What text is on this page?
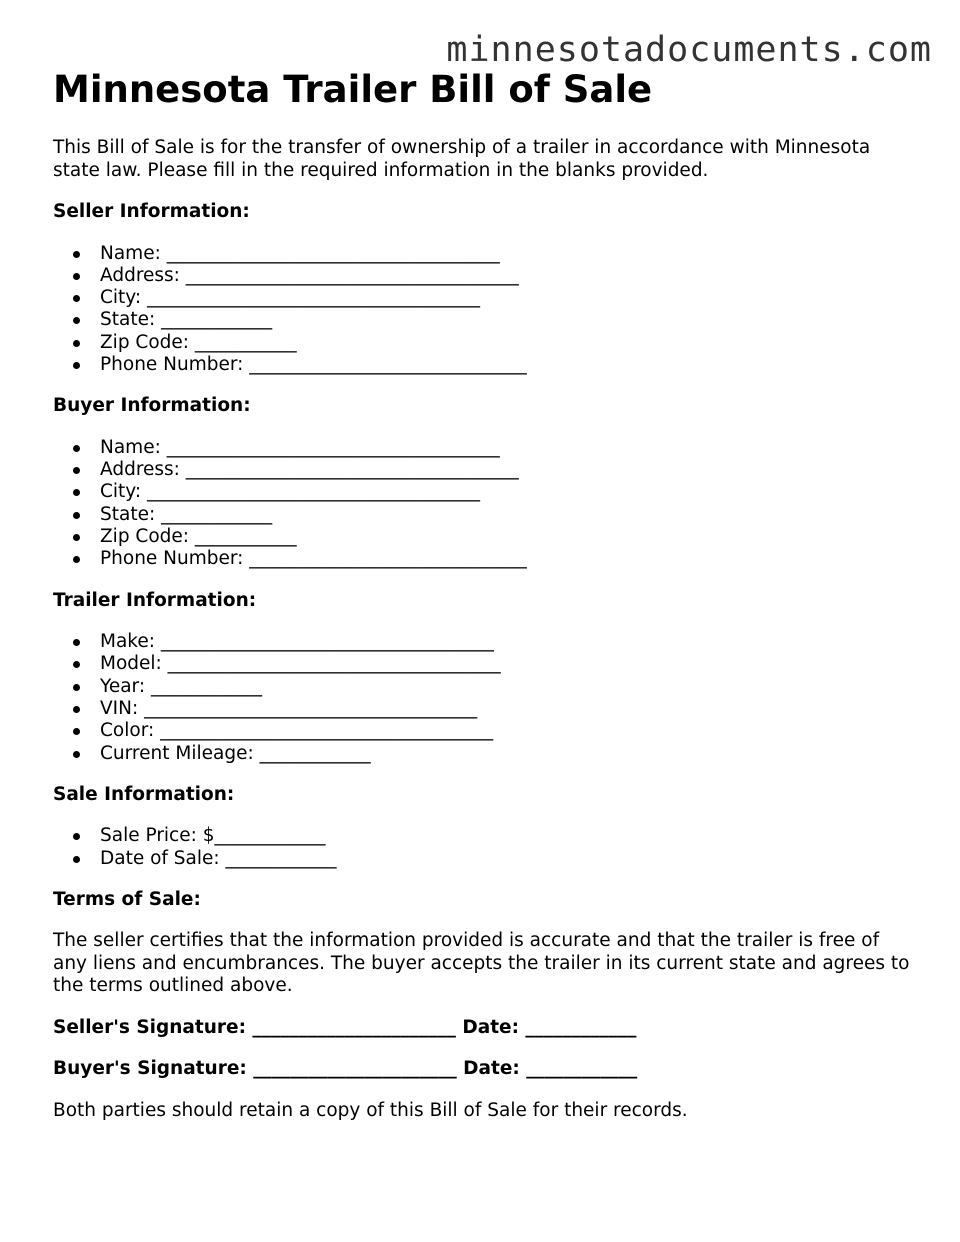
minnesotadocuments.com
Minnesota Trailer Bill of Sale

This Bill of Sale is for the transfer of ownership of a trailer in accordance with Minnesota state law. Please fill in the required information in the blanks provided.

Seller Information:
Name: ____________________________________
Address: ____________________________________
City: ____________________________________
State: ____________
Zip Code: ___________
Phone Number: ______________________________
Buyer Information:
Name: ____________________________________
Address: ____________________________________
City: ____________________________________
State: ____________
Zip Code: ___________
Phone Number: ______________________________
Trailer Information:
Make: ____________________________________
Model: ____________________________________
Year: ____________
VIN: ____________________________________
Color: ____________________________________
Current Mileage: ____________
Sale Information:
Sale Price: $____________
Date of Sale: ____________
Terms of Sale:

The seller certifies that the information provided is accurate and that the trailer is free of any liens and encumbrances. The buyer accepts the trailer in its current state and agrees to the terms outlined above.

Seller's Signature: ______________________ Date: ____________
Buyer's Signature: ______________________ Date: ____________

Both parties should retain a copy of this Bill of Sale for their records.
